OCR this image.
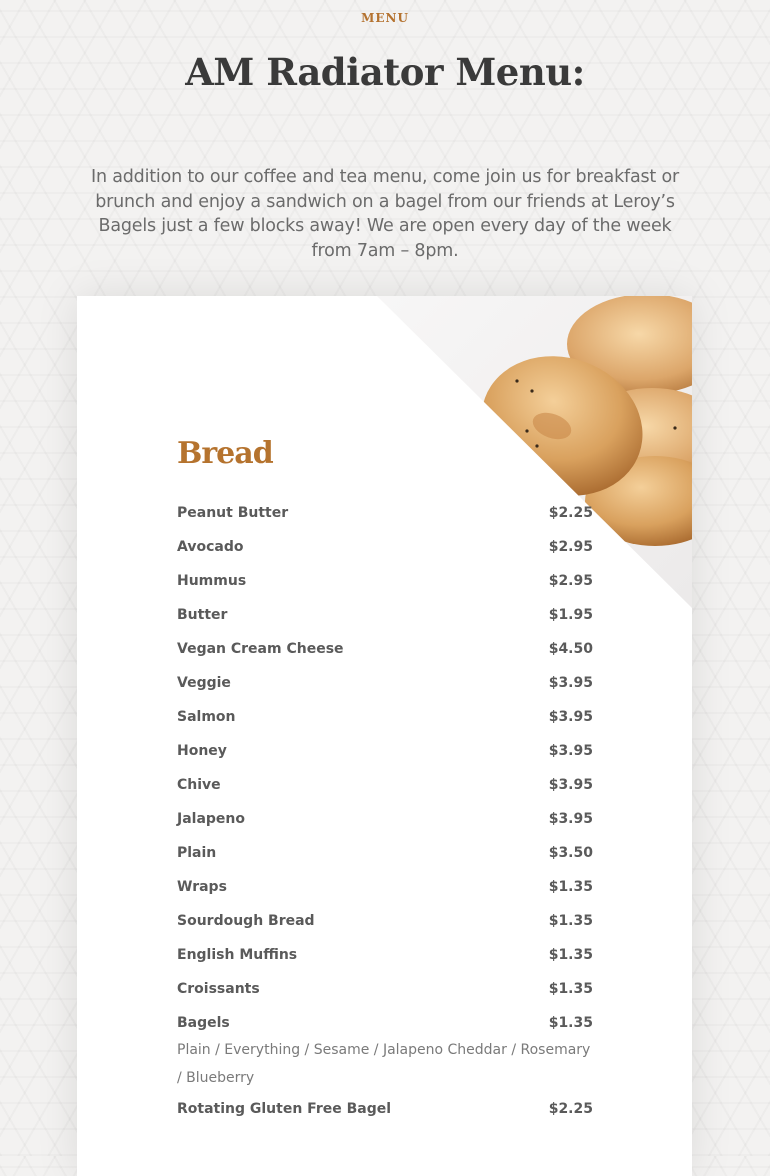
MENU
AM Radiator Menu:

In addition to our coffee and tea menu, come join us for breakfast or brunch and enjoy a sandwich on a bagel from our friends at Leroy’s Bagels just a few blocks away! We are open every day of the week from 7am – 8pm.

Bread
Peanut Butter	$2.25
Avocado	$2.95
Hummus	$2.95
Butter	$1.95
Vegan Cream Cheese	$4.50
Veggie	$3.95
Salmon	$3.95
Honey	$3.95
Chive	$3.95
Jalapeno	$3.95
Plain	$3.50
Wraps	$1.35
Sourdough Bread	$1.35
English Muffins	$1.35
Croissants	$1.35
Bagels	$1.35

Plain / Everything / Sesame / Jalapeno Cheddar / Rosemary / Blueberry

Rotating Gluten Free Bagel	$2.25
